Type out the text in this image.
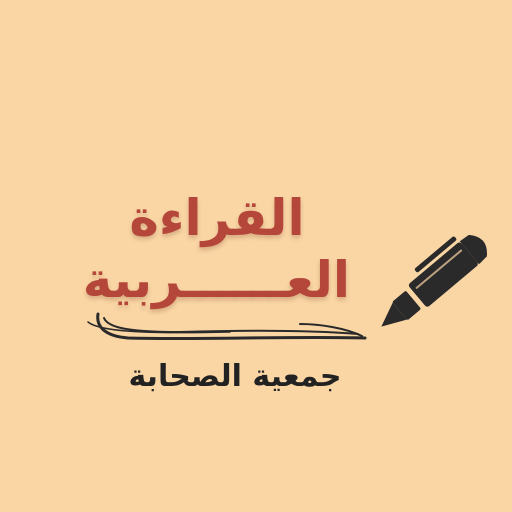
القراءة
العــــــربية
جمعية الصحابة
